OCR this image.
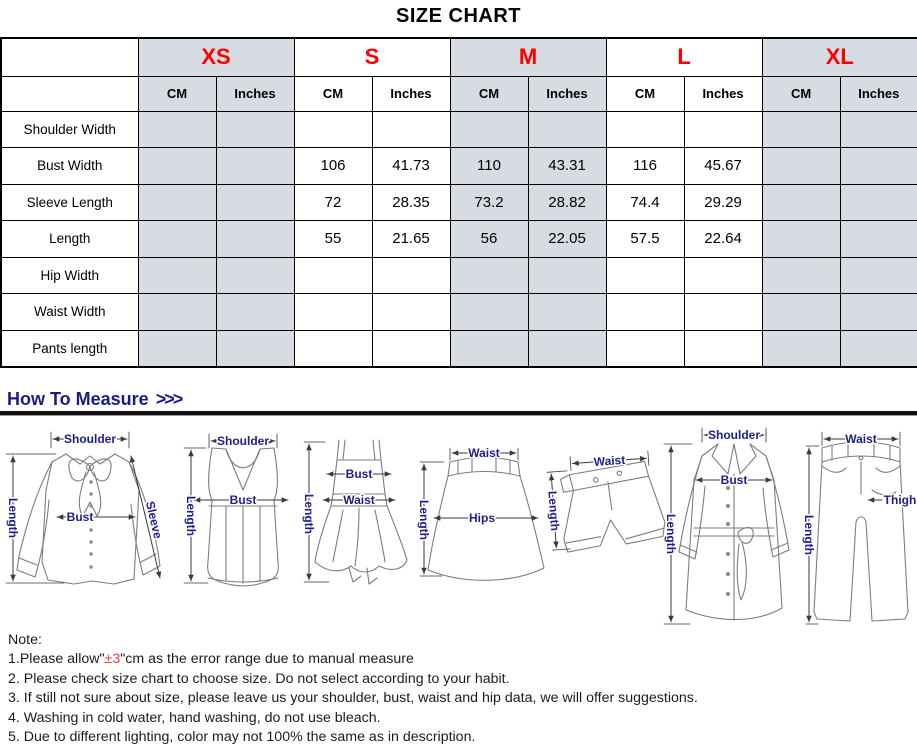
SIZE CHART
	XS		S		M		L		XL	
	CM	Inches	CM	Inches	CM	Inches	CM	Inches	CM	Inches
Shoulder Width										
Bust Width			106	41.73	110	43.31	116	45.67		
Sleeve Length			72	28.35	73.2	28.82	74.4	29.29		
Length			55	21.65	56	22.05	57.5	22.64		
Hip Width										
Waist Width										
Pants length										
How To Measure >>>
Shoulder
Length	Bust	Sleeve
Shoulder
Length	Bust
Bust
Waist
Length
Waist
Hips
Length
Waist
Length
Shoulder
Bust
Length
Waist
Thigh
Length
Note:
1.Please allow"±3"cm as the error range due to manual measure
2. Please check size chart to choose size. Do not select according to your habit.
3. If still not sure about size, please leave us your shoulder, bust, waist and hip data, we will offer suggestions.
4. Washing in cold water, hand washing, do not use bleach.
5. Due to different lighting, color may not 100% the same as in description.
